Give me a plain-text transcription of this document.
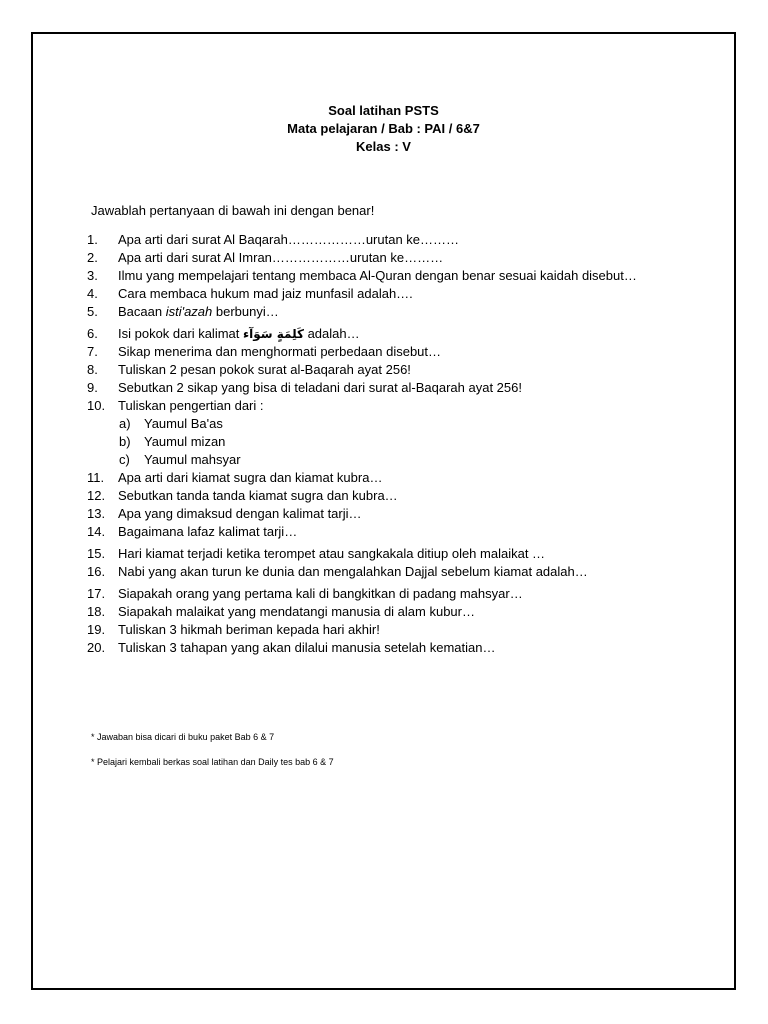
Soal latihan PSTS
Mata pelajaran / Bab : PAI / 6&7
Kelas : V
Jawablah pertanyaan di bawah ini dengan benar!
1. Apa arti dari surat Al Baqarah………………urutan ke………
2. Apa arti dari surat Al Imran………………urutan ke………
3. Ilmu yang mempelajari tentang membaca Al-Quran dengan benar sesuai kaidah disebut…
4. Cara membaca hukum mad jaiz munfasil adalah….
5. Bacaan isti'azah berbunyi…
6. Isi pokok dari kalimat كَلِمَةٍ سَوَآء adalah…
7. Sikap menerima dan menghormati perbedaan disebut…
8. Tuliskan 2 pesan pokok surat al-Baqarah ayat 256!
9. Sebutkan 2 sikap yang bisa di teladani dari surat al-Baqarah ayat 256!
10. Tuliskan pengertian dari :
a) Yaumul Ba'as
b) Yaumul mizan
c) Yaumul mahsyar
11. Apa arti dari kiamat sugra dan kiamat kubra…
12. Sebutkan tanda tanda kiamat sugra dan kubra…
13. Apa yang dimaksud dengan kalimat tarji…
14. Bagaimana lafaz kalimat tarji…
15. Hari kiamat terjadi ketika terompet atau sangkakala ditiup oleh malaikat …
16. Nabi yang akan turun ke dunia dan mengalahkan Dajjal sebelum kiamat adalah…
17. Siapakah orang yang pertama kali di bangkitkan di padang mahsyar…
18. Siapakah malaikat yang mendatangi manusia di alam kubur…
19. Tuliskan 3 hikmah beriman kepada hari akhir!
20. Tuliskan 3 tahapan yang akan dilalui manusia setelah kematian…
* Jawaban bisa dicari di buku paket Bab 6 & 7
* Pelajari kembali berkas soal latihan dan Daily tes bab 6 & 7
